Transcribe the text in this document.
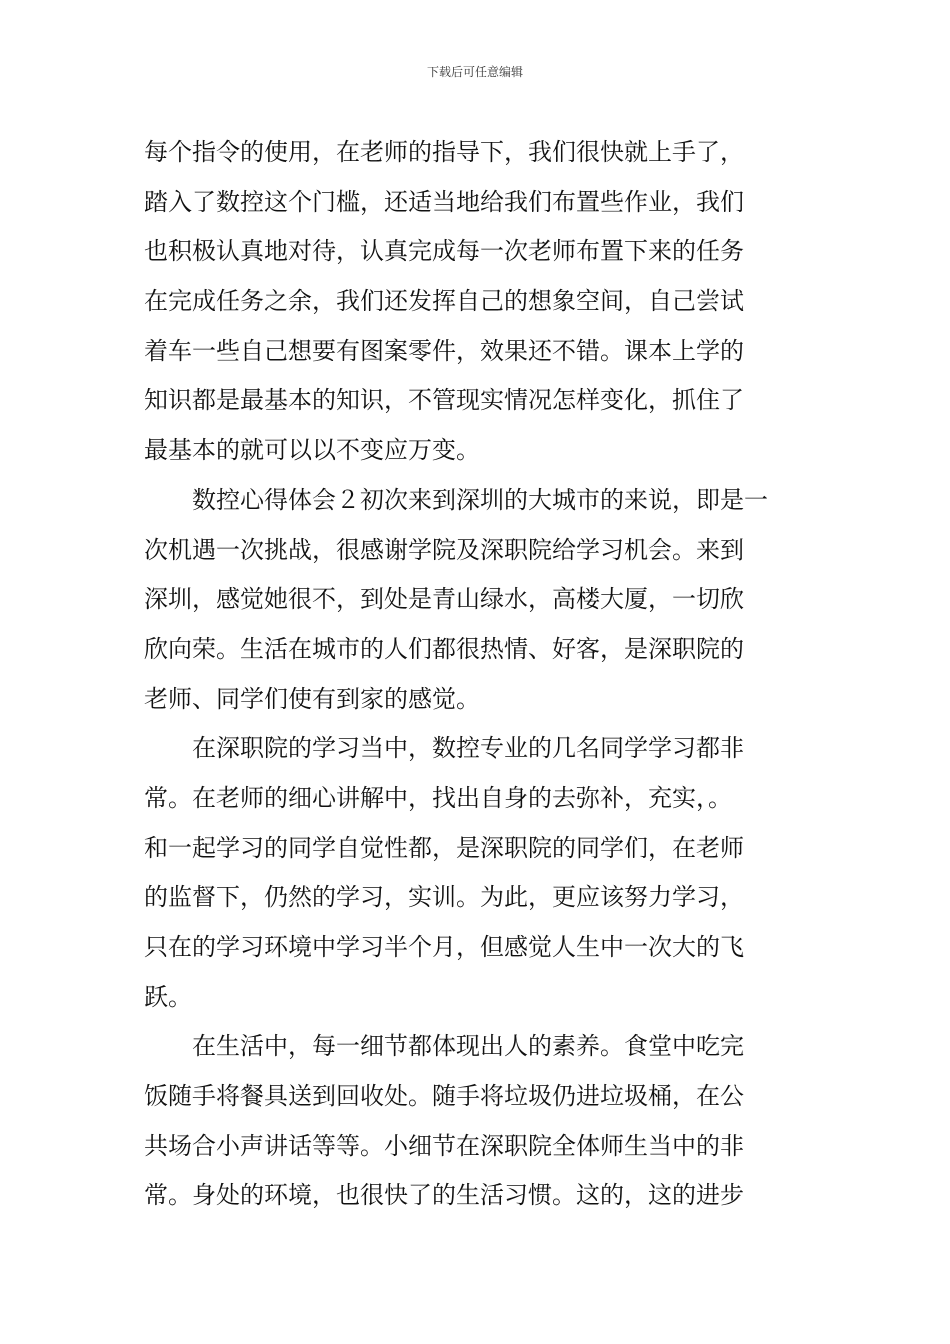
下载后可任意编辑
每个指令的使用，在老师的指导下，我们很快就上手了，
踏入了数控这个门槛，还适当地给我们布置些作业，我们
也积极认真地对待，认真完成每一次老师布置下来的任务
在完成任务之余，我们还发挥自己的想象空间，自己尝试
着车一些自己想要有图案零件，效果还不错。课本上学的
知识都是最基本的知识，不管现实情况怎样变化，抓住了
最基本的就可以以不变应万变。
数控心得体会２初次来到深圳的大城市的来说，即是一
次机遇一次挑战，很感谢学院及深职院给学习机会。来到
深圳，感觉她很不，到处是青山绿水，高楼大厦，一切欣
欣向荣。生活在城市的人们都很热情、好客，是深职院的
老师、同学们使有到家的感觉。
在深职院的学习当中，数控专业的几名同学学习都非
常。在老师的细心讲解中，找出自身的去弥补，充实，。
和一起学习的同学自觉性都，是深职院的同学们，在老师
的监督下，仍然的学习，实训。为此，更应该努力学习，
只在的学习环境中学习半个月，但感觉人生中一次大的飞
跃。
在生活中，每一细节都体现出人的素养。食堂中吃完
饭随手将餐具送到回收处。随手将垃圾仍进垃圾桶，在公
共场合小声讲话等等。小细节在深职院全体师生当中的非
常。身处的环境，也很快了的生活习惯。这的，这的进步
